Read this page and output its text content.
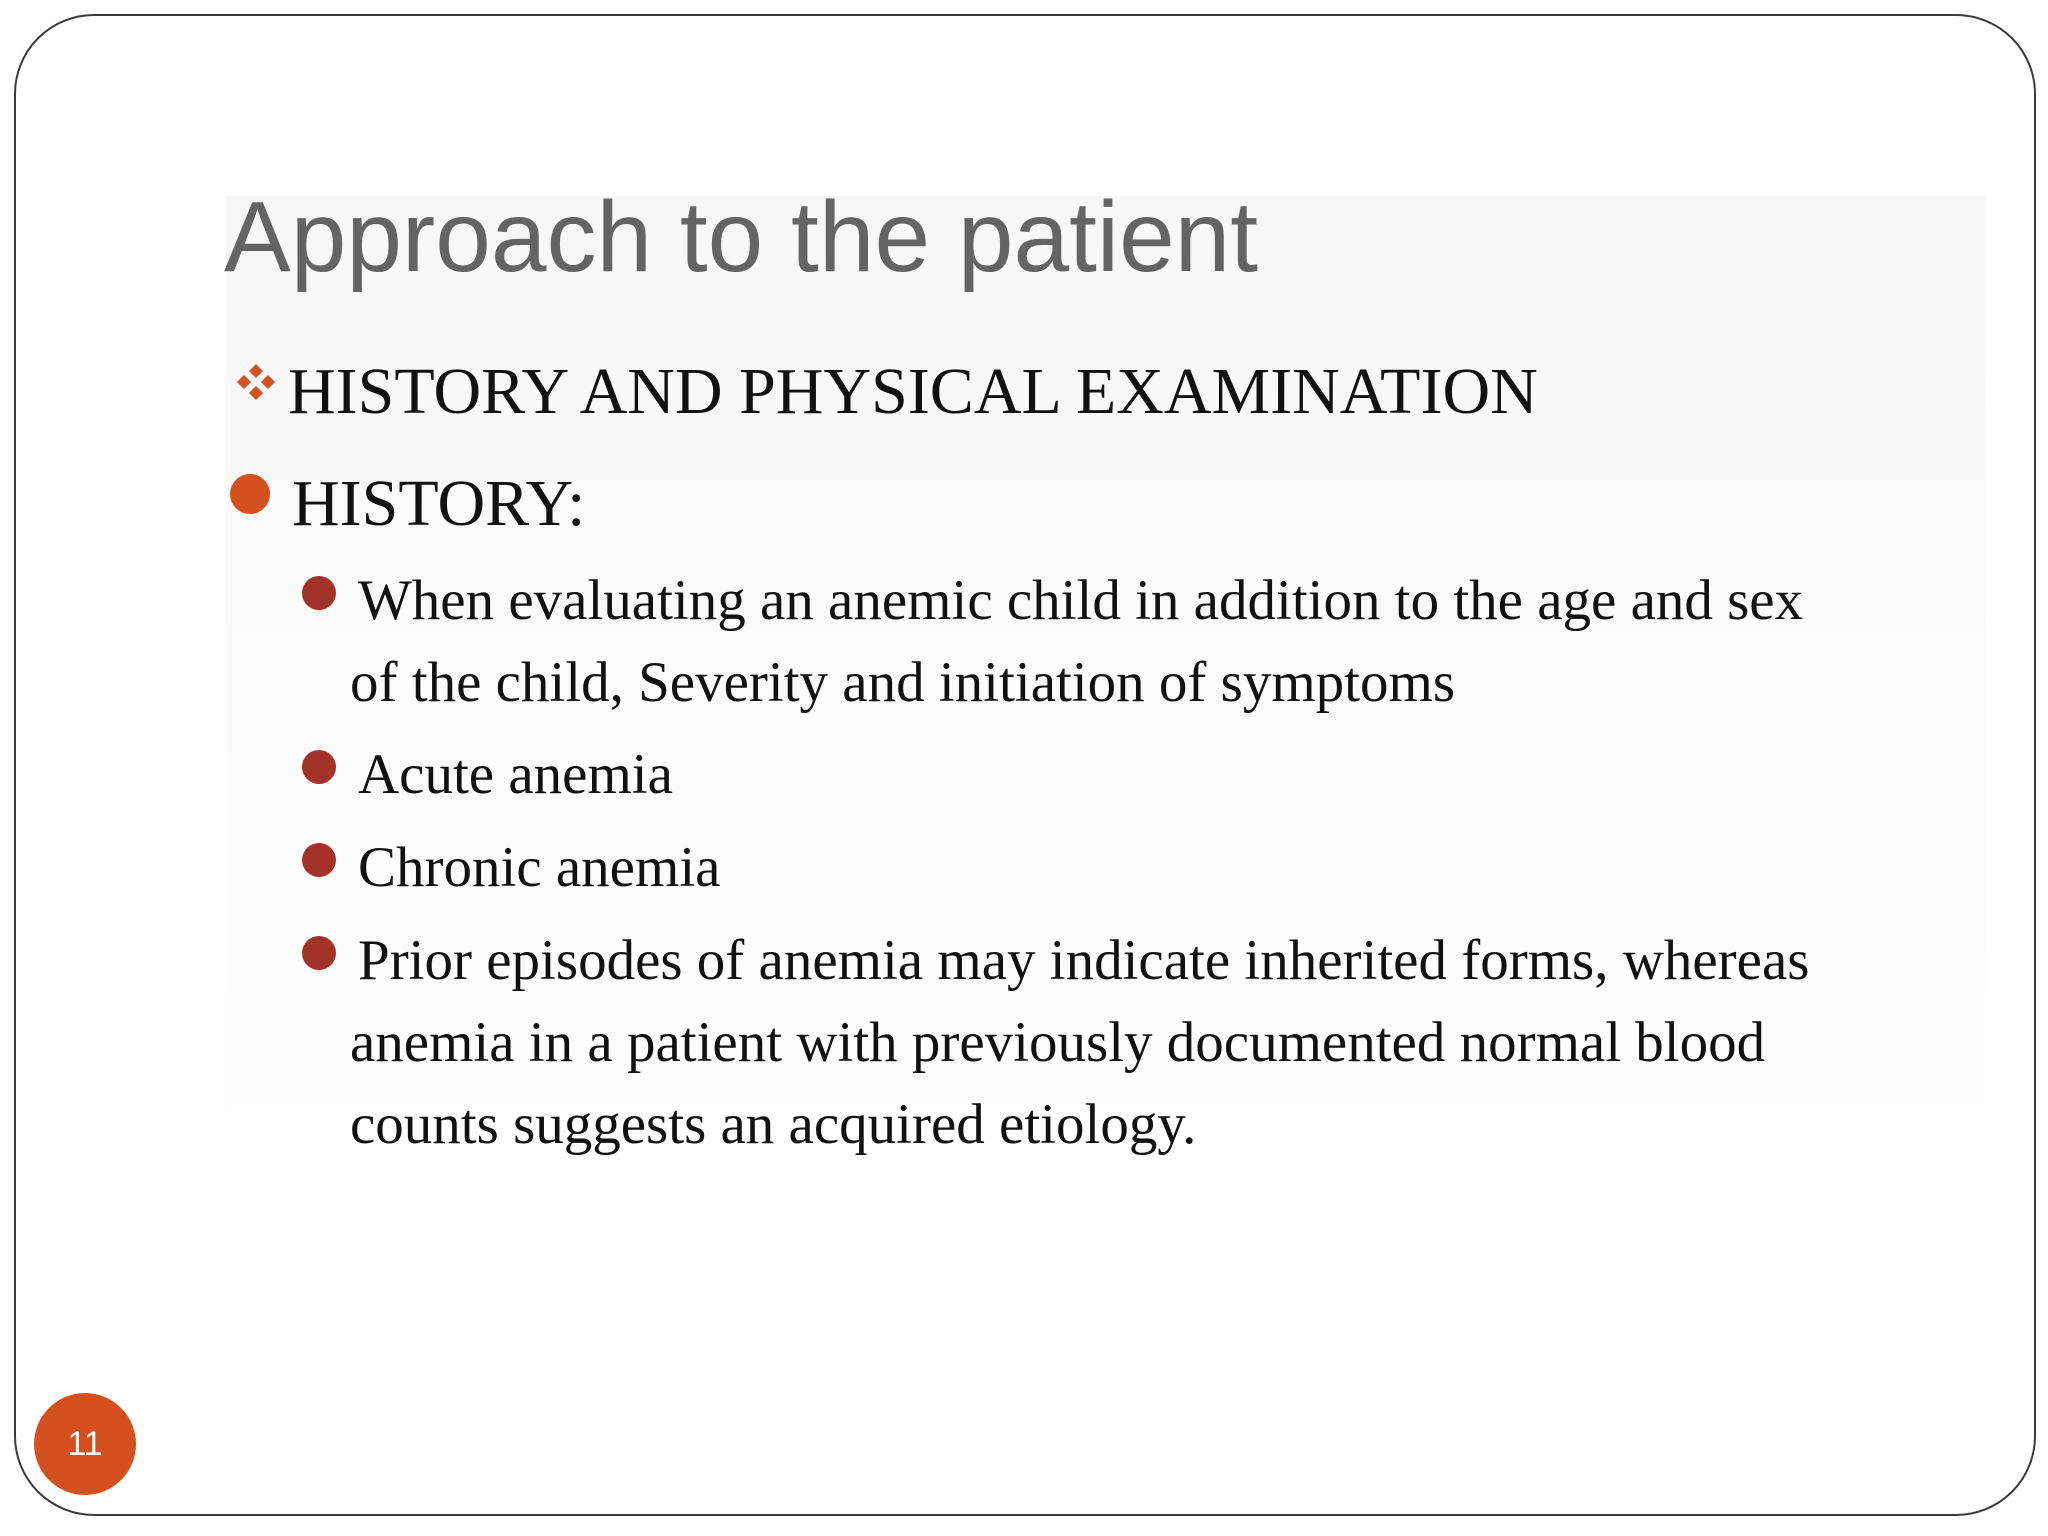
Approach to the patient
HISTORY AND PHYSICAL EXAMINATION
HISTORY:
When evaluating an anemic child in addition to the age and sex
of the child, Severity and initiation of symptoms
Acute anemia
Chronic anemia
Prior episodes of anemia may indicate inherited forms, whereas
anemia in a patient with previously documented normal blood
counts suggests an acquired etiology.
11
